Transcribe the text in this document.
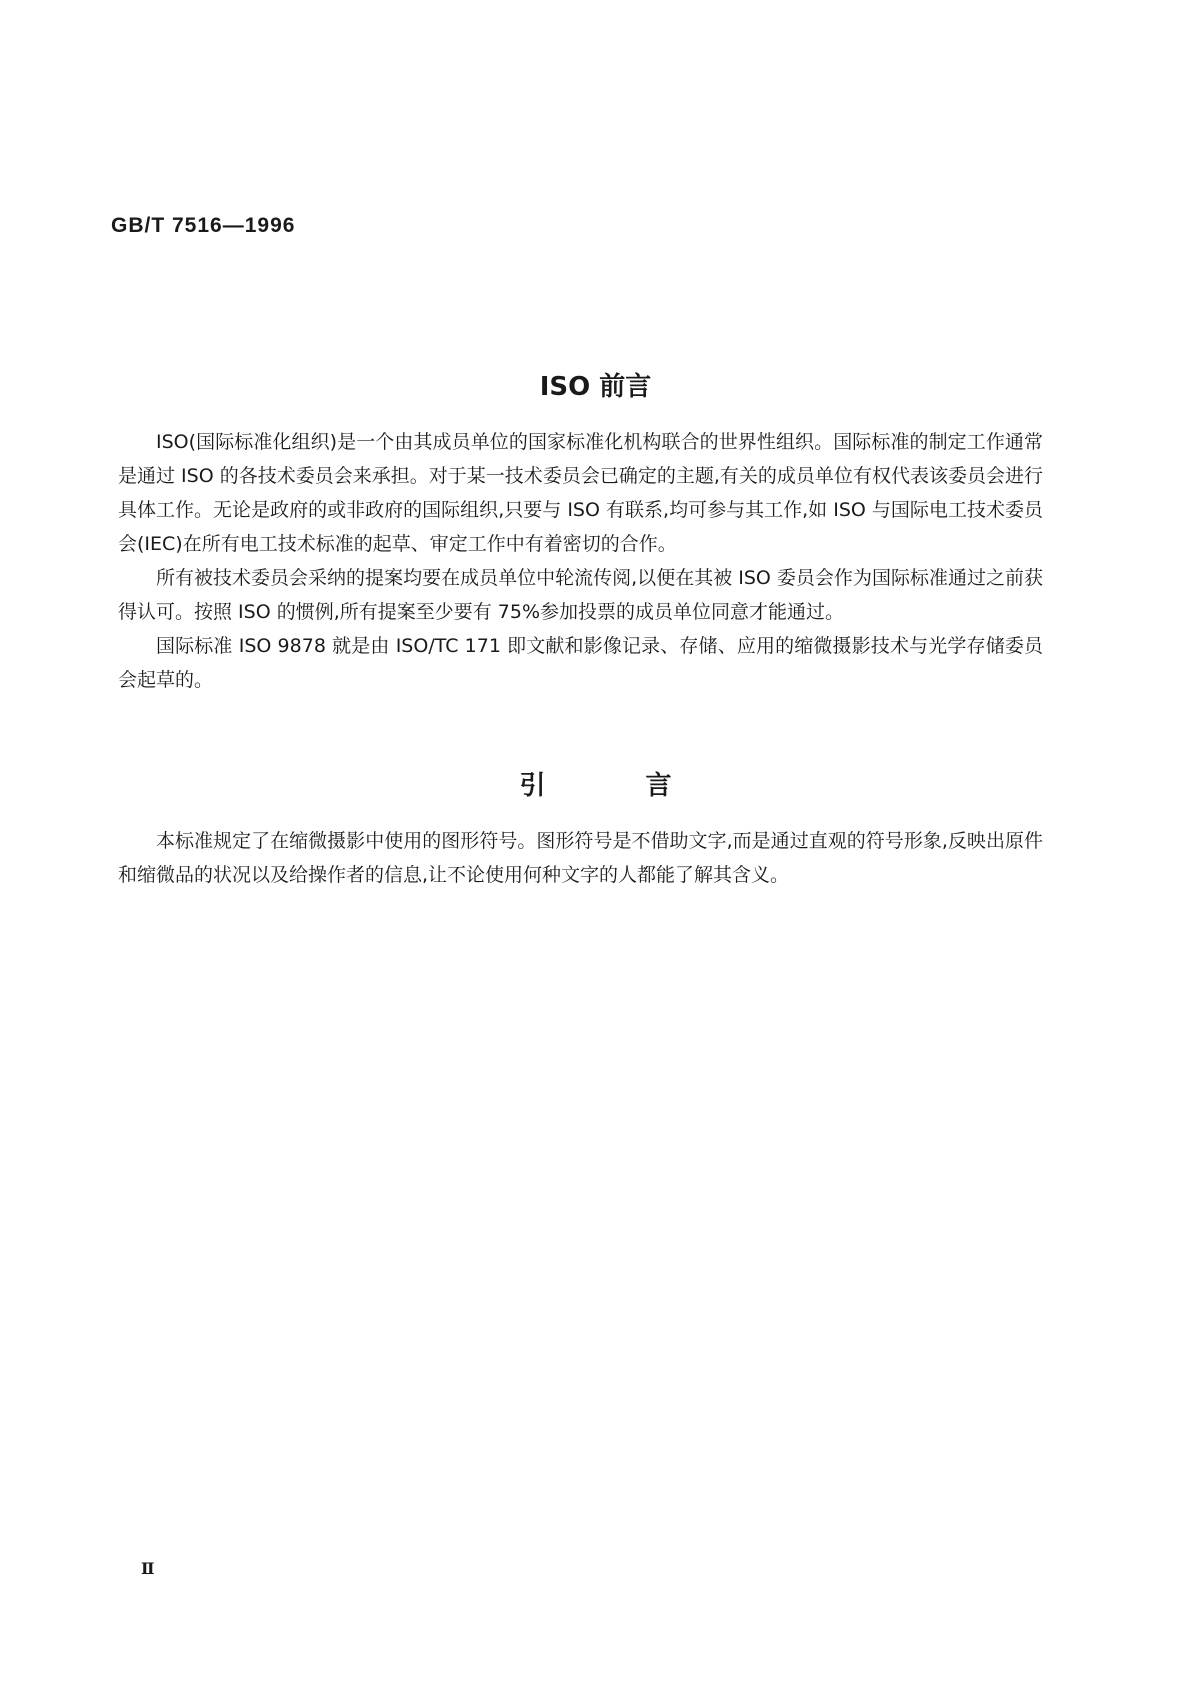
GB/T 7516—1996
ISO 前言

ISO(国际标准化组织)是一个由其成员单位的国家标准化机构联合的世界性组织。国际标准的制定工作通常是通过 ISO 的各技术委员会来承担。对于某一技术委员会已确定的主题,有关的成员单位有权代表该委员会进行具体工作。无论是政府的或非政府的国际组织,只要与 ISO 有联系,均可参与其工作,如 ISO 与国际电工技术委员会(IEC)在所有电工技术标准的起草、审定工作中有着密切的合作。

所有被技术委员会采纳的提案均要在成员单位中轮流传阅,以便在其被 ISO 委员会作为国际标准通过之前获得认可。按照 ISO 的惯例,所有提案至少要有 75%参加投票的成员单位同意才能通过。

国际标准 ISO 9878 就是由 ISO/TC 171 即文献和影像记录、存储、应用的缩微摄影技术与光学存储委员会起草的。

引	言

本标准规定了在缩微摄影中使用的图形符号。图形符号是不借助文字,而是通过直观的符号形象,反映出原件和缩微品的状况以及给操作者的信息,让不论使用何种文字的人都能了解其含义。

Ⅱ
